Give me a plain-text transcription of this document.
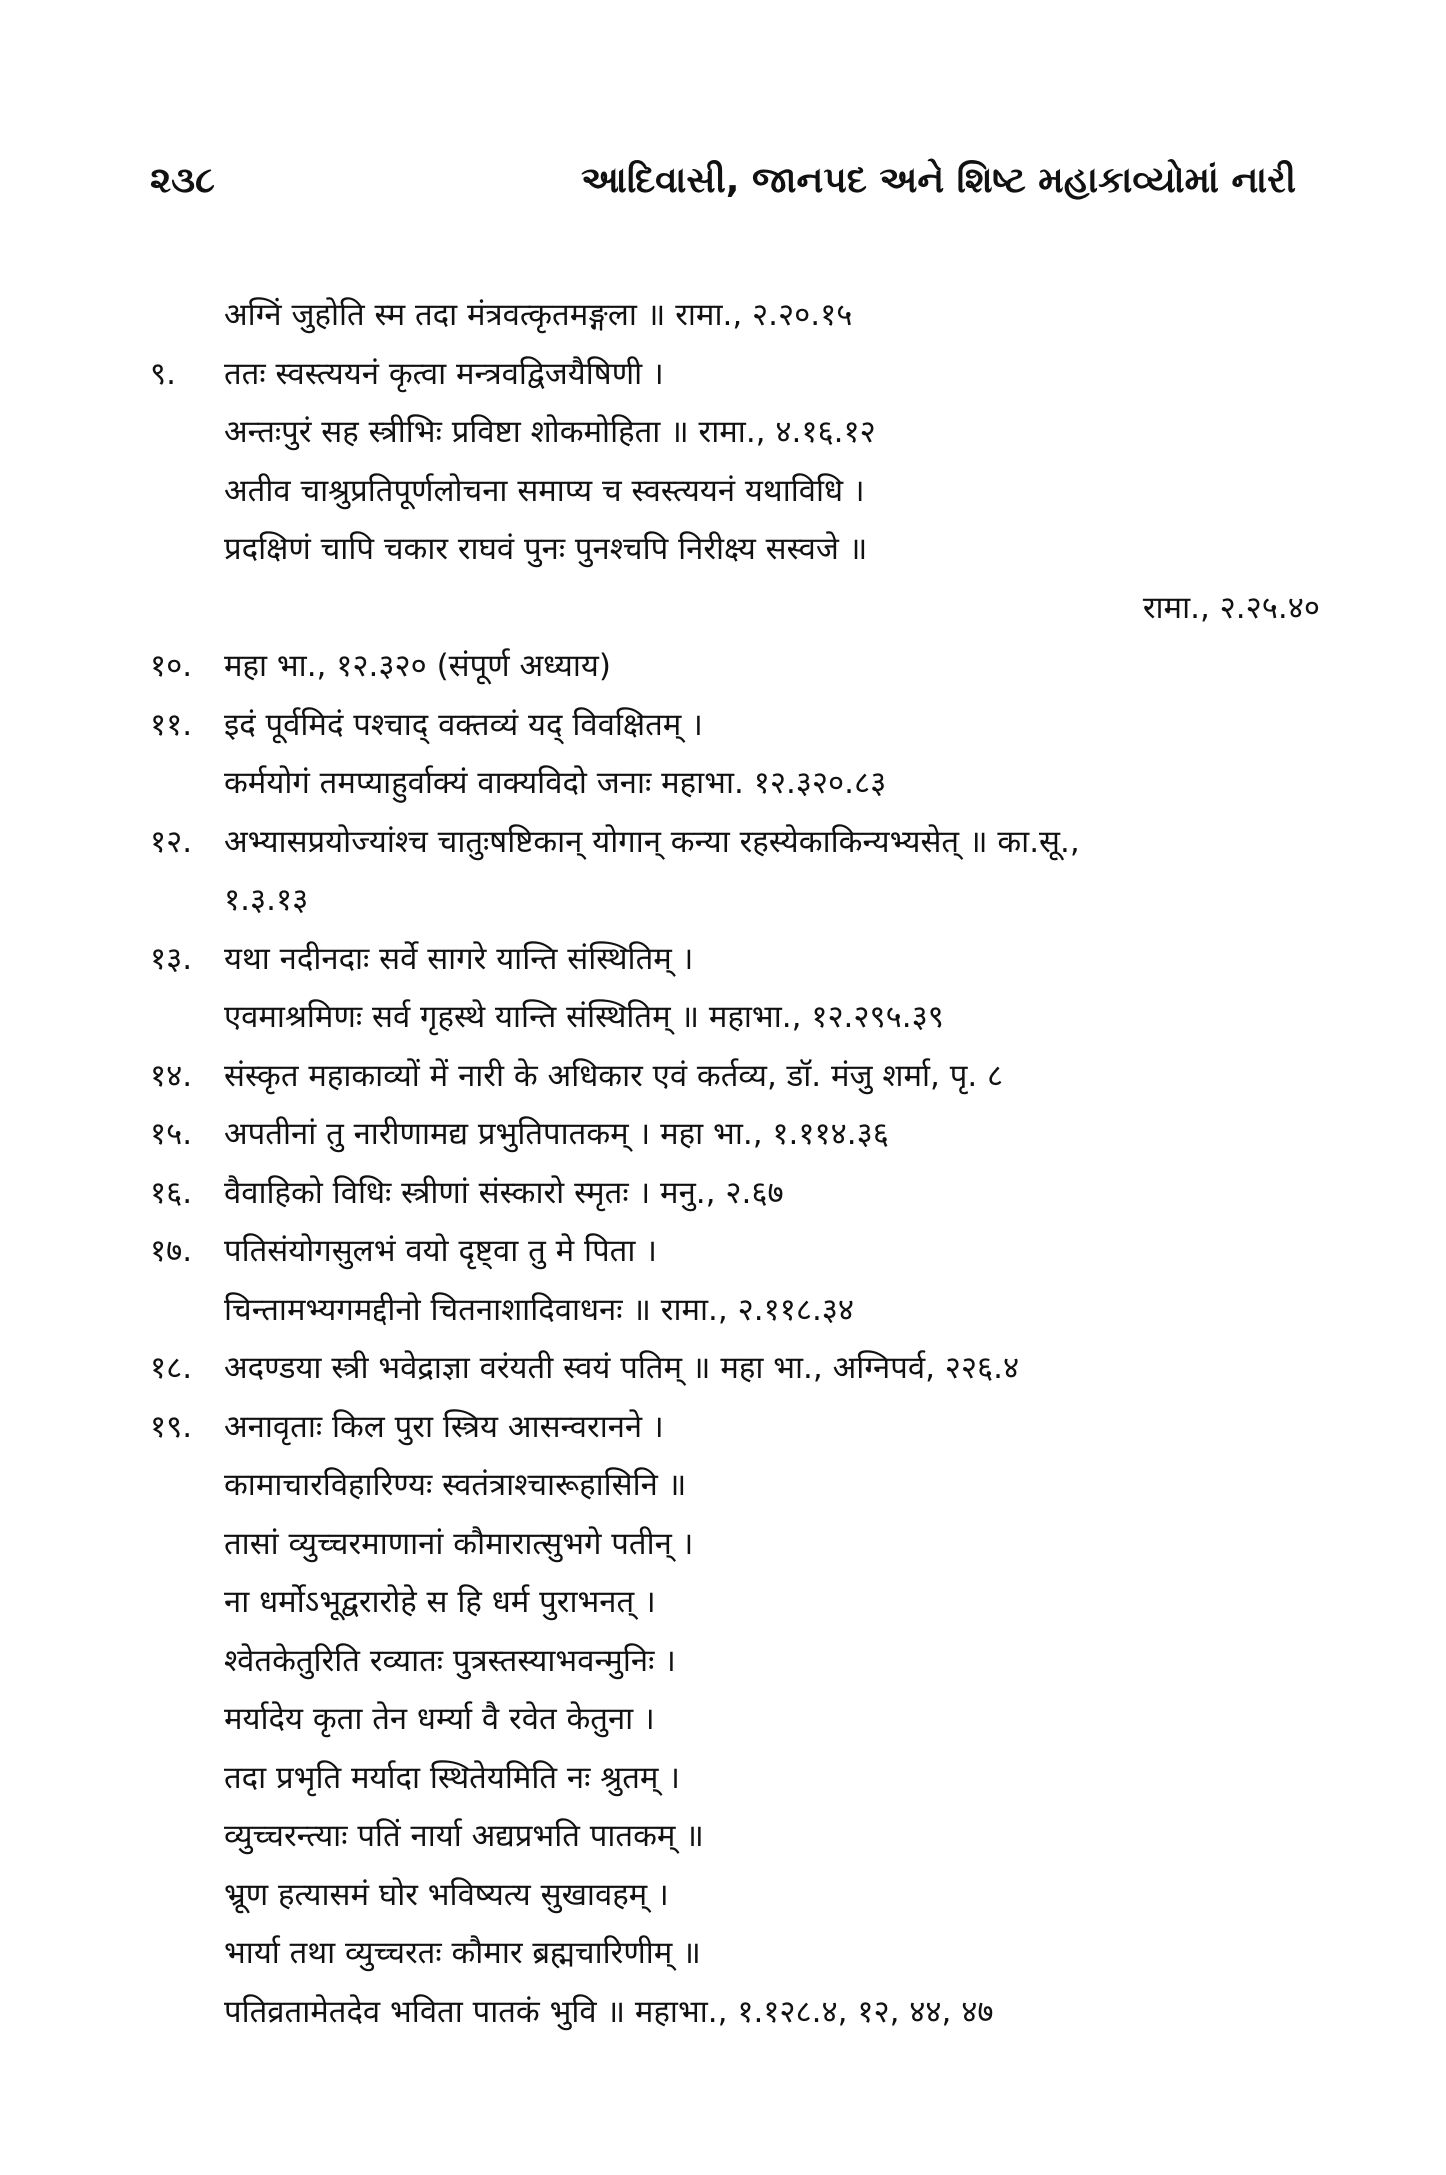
૨૩૮	આદિવાસી, જાનપદ અને શિષ્ટ મહાકાવ્યોમાં નારી
अग्निं जुहोति स्म तदा मंत्रवत्कृतमङ्गला ॥ रामा., २.२०.१५
९. ततः स्वस्त्ययनं कृत्वा मन्त्रवद्विजयैषिणी ।
अन्तःपुरं सह स्त्रीभिः प्रविष्टा शोकमोहिता ॥ रामा., ४.१६.१२
अतीव चाश्रुप्रतिपूर्णलोचना समाप्य च स्वस्त्ययनं यथाविधि ।
प्रदक्षिणं चापि चकार राघवं पुनः पुनश्चपि निरीक्ष्य सस्वजे ॥
रामा., २.२५.४०
१०. महा भा., १२.३२० (संपूर्ण अध्याय)
११. इदं पूर्वमिदं पश्चाद् वक्तव्यं यद् विवक्षितम् ।
कर्मयोगं तमप्याहुर्वाक्यं वाक्यविदो जनाः महाभा. १२.३२०.८३
१२. अभ्यासप्रयोज्यांश्च चातुःषष्टिकान् योगान् कन्या रहस्येकाकिन्यभ्यसेत् ॥ का.सू.,
१.३.१३
१३. यथा नदीनदाः सर्वे सागरे यान्ति संस्थितिम् ।
एवमाश्रमिणः सर्व गृहस्थे यान्ति संस्थितिम् ॥ महाभा., १२.२९५.३९
१४. संस्कृत महाकाव्यों में नारी के अधिकार एवं कर्तव्य, डॉ. मंजु शर्मा, पृ. ८
१५. अपतीनां तु नारीणामद्य प्रभुतिपातकम् । महा भा., १.११४.३६
१६. वैवाहिको विधिः स्त्रीणां संस्कारो स्मृतः । मनु., २.६७
१७. पतिसंयोगसुलभं वयो दृष्ट्वा तु मे पिता ।
चिन्तामभ्यगमद्दीनो चितनाशादिवाधनः ॥ रामा., २.११८.३४
१८. अदण्डया स्त्री भवेद्राज्ञा वरंयती स्वयं पतिम् ॥ महा भा., अग्निपर्व, २२६.४
१९. अनावृताः किल पुरा स्त्रिय आसन्वरानने ।
कामाचारविहारिण्यः स्वतंत्राश्चारूहासिनि ॥
तासां व्युच्चरमाणानां कौमारात्सुभगे पतीन् ।
ना धर्मोऽभूद्वरारोहे स हि धर्म पुराभनत् ।
श्वेतकेतुरिति रव्यातः पुत्रस्तस्याभवन्मुनिः ।
मर्यादेय कृता तेन धर्म्या वै रवेत केतुना ।
तदा प्रभृति मर्यादा स्थितेयमिति नः श्रुतम् ।
व्युच्चरन्त्याः पतिं नार्या अद्यप्रभति पातकम् ॥
भ्रूण हत्यासमं घोर भविष्यत्य सुखावहम् ।
भार्या तथा व्युच्चरतः कौमार ब्रह्मचारिणीम् ॥
पतिव्रतामेतदेव भविता पातकं भुवि ॥ महाभा., १.१२८.४, १२, ४४, ४७
